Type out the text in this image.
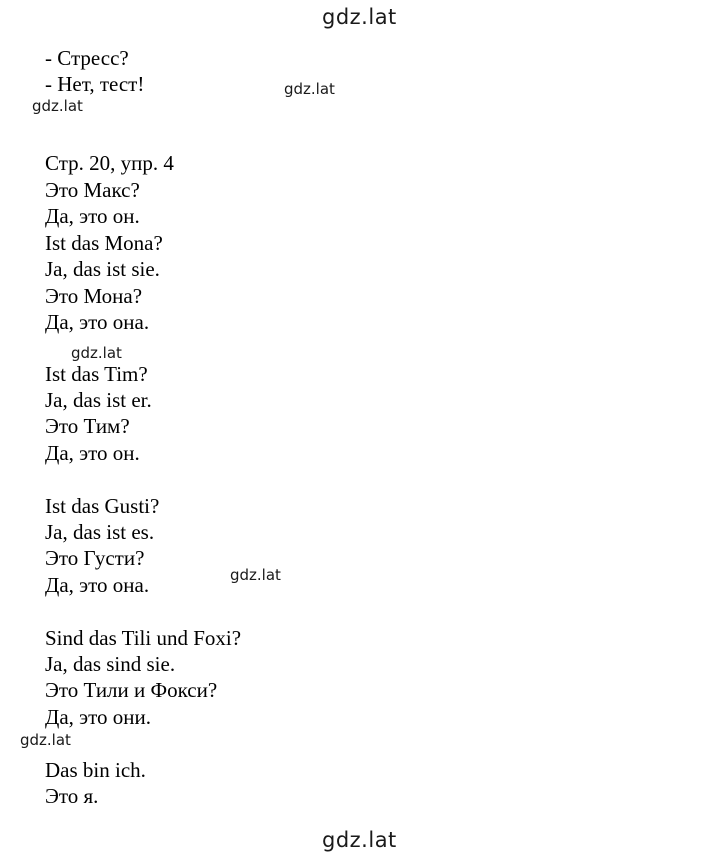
gdz.lat
- Стресс?
- Нет, тест!	gdz.lat
gdz.lat
Стр. 20, упр. 4
Это Макс?
Да, это он.
Ist das Mona?
Ja, das ist sie.
Это Мона?
Да, это она.
gdz.lat
Ist das Tim?
Ja, das ist er.
Это Тим?
Да, это он.
Ist das Gusti?
Ja, das ist es.
Это Густи?
Да, это она.	gdz.lat
Sind das Tili und Foxi?
Ja, das sind sie.
Это Тили и Фокси?
Да, это они.
gdz.lat
Das bin ich.
Это я.
gdz.lat
